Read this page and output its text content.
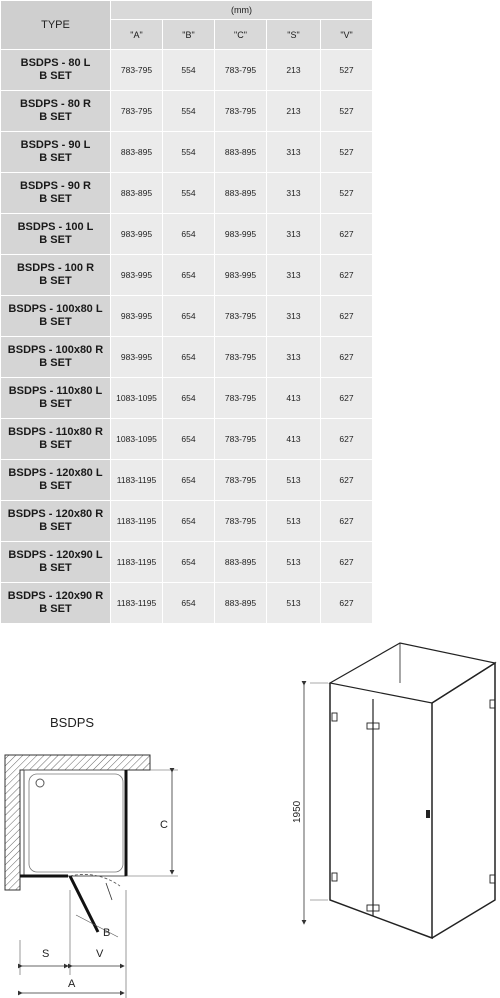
TYPE	(mm)				
	"A"	"B"	"C"	"S"	"V"

BSDPS - 80 L
B SET	783-795	554	783-795	213	527

BSDPS - 80 R
B SET	783-795	554	783-795	213	527

BSDPS - 90 L
B SET	883-895	554	883-895	313	527

BSDPS - 90 R
B SET	883-895	554	883-895	313	527

BSDPS - 100 L
B SET	983-995	654	983-995	313	627

BSDPS - 100 R
B SET	983-995	654	983-995	313	627

BSDPS - 100x80 L
B SET	983-995	654	783-795	313	627

BSDPS - 100x80 R
B SET	983-995	654	783-795	313	627

BSDPS - 110x80 L
B SET	1083-1095	654	783-795	413	627

BSDPS - 110x80 R
B SET	1083-1095	654	783-795	413	627

BSDPS - 120x80 L
B SET	1183-1195	654	783-795	513	627

BSDPS - 120x80 R
B SET	1183-1195	654	783-795	513	627

BSDPS - 120x90 L
B SET	1183-1195	654	883-895	513	627

BSDPS - 120x90 R
B SET	1183-1195	654	883-895	513	627
BSDPS
C
B
S	V
A
1950
